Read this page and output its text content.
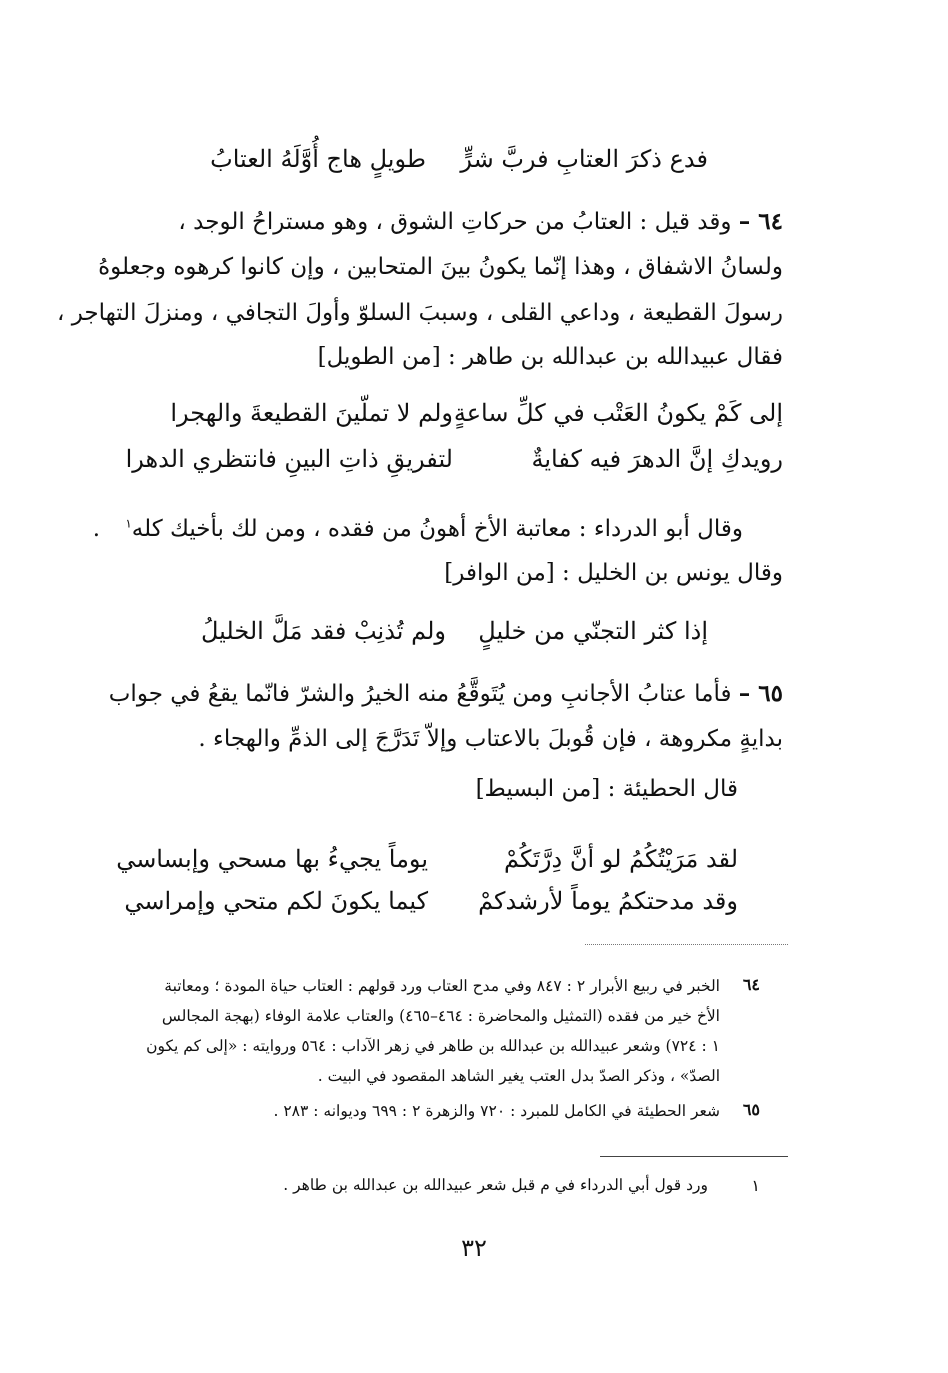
فدع ذكرَ العتابِ فربَّ شرٍّ
طويلٍ هاج أُوَّلَهُ العتابُ
٦٤ – وقد قيل : العتابُ من حركاتِ الشوق ، وهو مستراحُ الوجد ،
ولسانُ الاشفاق ، وهذا إنّما يكونُ بينَ المتحابين ، وإن كانوا كرهوه وجعلوهُ
رسولَ القطيعة ، وداعي القلى ، وسببَ السلوّ وأولَ التجافي ، ومنزلَ التهاجر ،
فقال عبيدالله بن عبدالله بن طاهر : [من الطويل]
إلى كَمْ يكونُ العَتْب في كلِّ ساعةٍ
ولم لا تملّينَ القطيعةَ والهجرا
رويدكِ إنَّ الدهرَ فيه كفايةٌ
لتفريقِ ذاتِ البينِ فانتظري الدهرا
وقال أبو الدرداء : معاتبة الأخ أهونُ من فقده ، ومن لك بأخيك كله$^١$ .
وقال يونس بن الخليل : [من الوافر]
إذا كثر التجنّي من خليلٍ
ولم تُذنِبْ فقد مَلَّ الخليلُ
٦٥ – فأما عتابُ الأجانبِ ومن يُتَوقَّعُ منه الخيرُ والشرّ فانّما يقعُ في جواب
بدايةٍ مكروهة ، فإن قُوبلَ بالاعتاب وإلاّ تَدَرَّجَ إلى الذمِّ والهجاء .
قال الحطيئة : [من البسيط]
لقد مَرَيْتُكُمُ لو أنَّ دِرَّتَكُمْ
يوماً يجيءُ بها مسحي وإبساسي
وقد مدحتكمُ يوماً لأرشدكمْ
كيما يكونَ لكم متحي وإمراسي
٦٤
الخبر في ربيع الأبرار ٢ : ٨٤٧ وفي مدح العتاب ورد قولهم : العتاب حياة المودة ؛ ومعاتبة
الأخ خير من فقده (التمثيل والمحاضرة : ٤٦٤–٤٦٥) والعتاب علامة الوفاء (بهجة المجالس
١ : ٧٢٤) وشعر عبيدالله بن عبدالله بن طاهر في زهر الآداب : ٥٦٤ وروايته : «إلى كم يكون
الصدّ» ، وذكر الصدّ بدل العتب يغير الشاهد المقصود في البيت .
٦٥
شعر الحطيئة في الكامل للمبرد : ٧٢٠ والزهرة ٢ : ٦٩٩ وديوانه : ٢٨٣ .
١
ورد قول أبي الدرداء في م قبل شعر عبيدالله بن عبدالله بن طاهر .
٣٢
